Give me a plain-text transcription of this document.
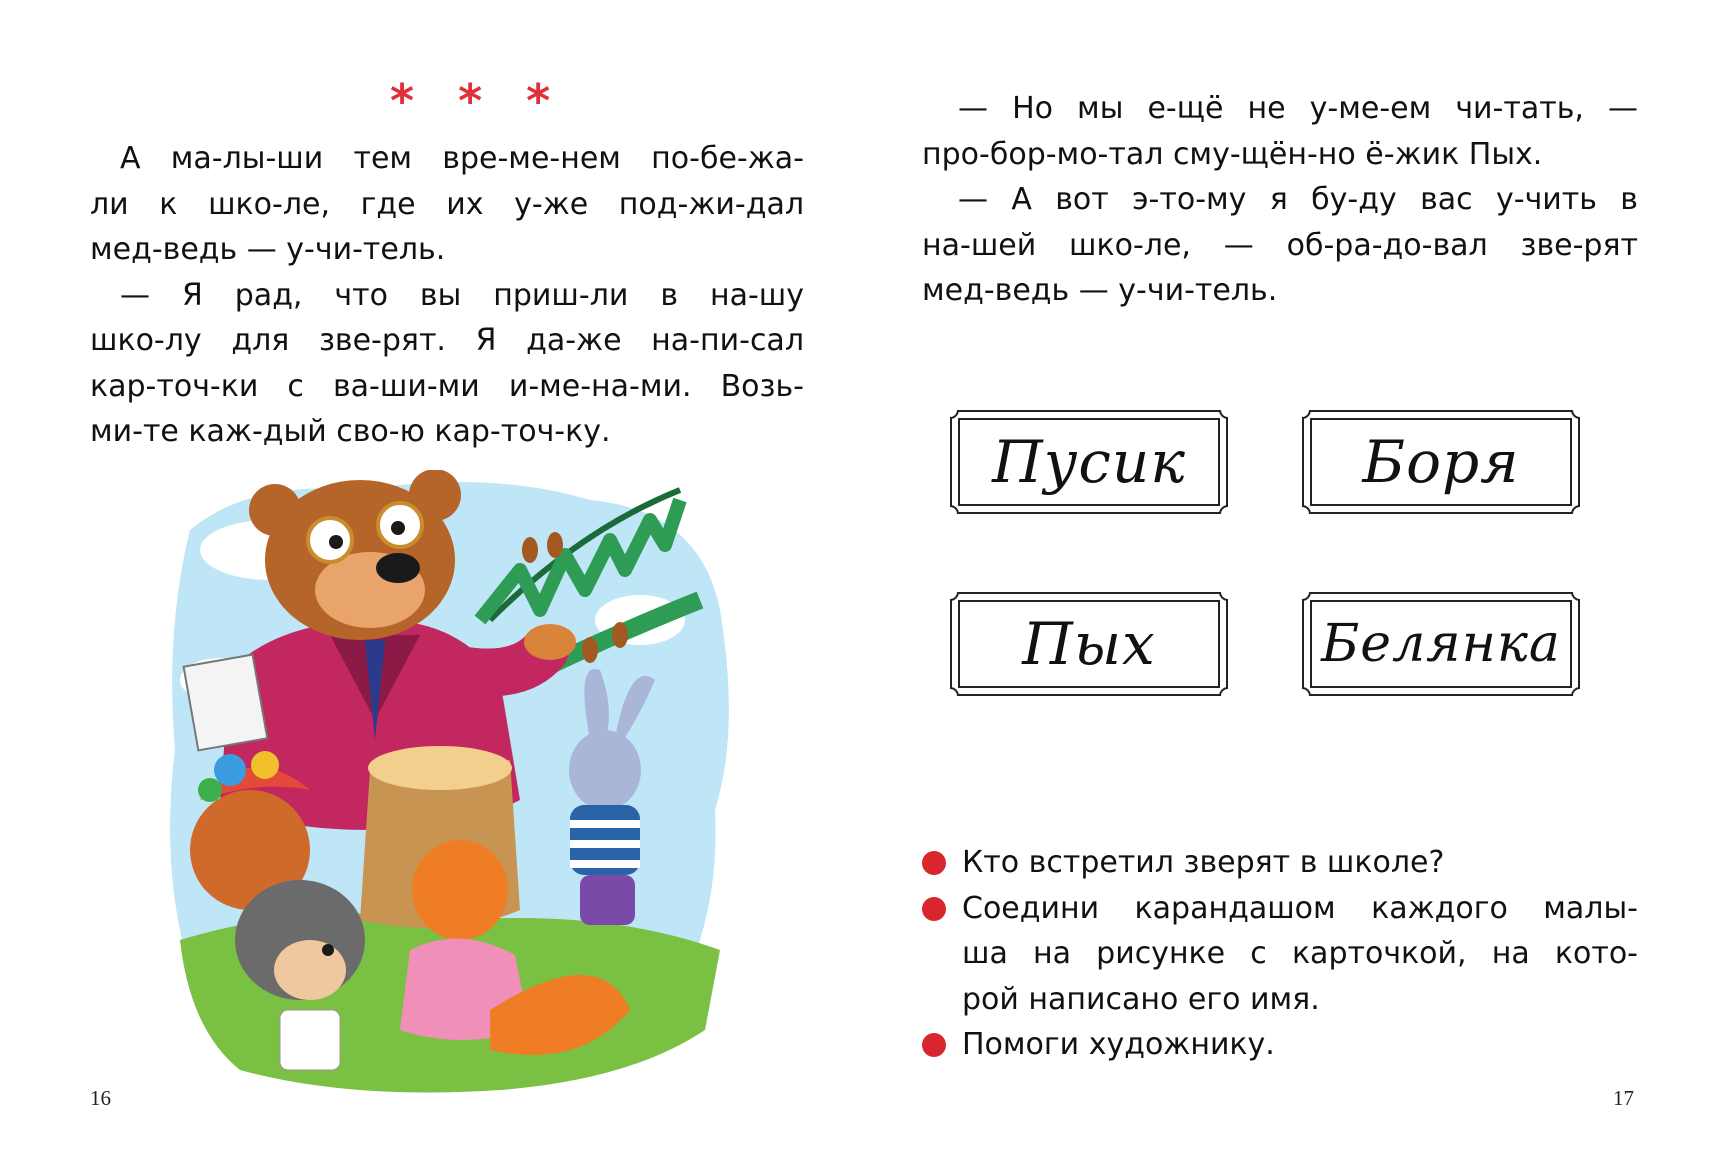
* * *
А ма-лы-ши тем вре-ме-нем по-бе-жа-
ли к шко-ле, где их у-же под-жи-дал
мед-ведь — у-чи-тель.
— Я рад, что вы приш-ли в на-шу
шко-лу для зве-рят. Я да-же на-пи-сал
кар-точ-ки с ва-ши-ми и-ме-на-ми. Возь-
ми-те каж-дый сво-ю кар-точ-ку.
16
— Но мы е-щё не у-ме-ем чи-тать, —
про-бор-мо-тал сму-щён-но ё-жик Пых.
— А вот э-то-му я бу-ду вас у-чить в
на-шей шко-ле, — об-ра-до-вал зве-рят
мед-ведь — у-чи-тель.
Пусик	Боря
Пых	Белянка
Кто встретил зверят в школе?
Соедини карандашом каждого малы-
ша на рисунке с карточкой, на кото-
рой написано его имя.
Помоги художнику.
17
